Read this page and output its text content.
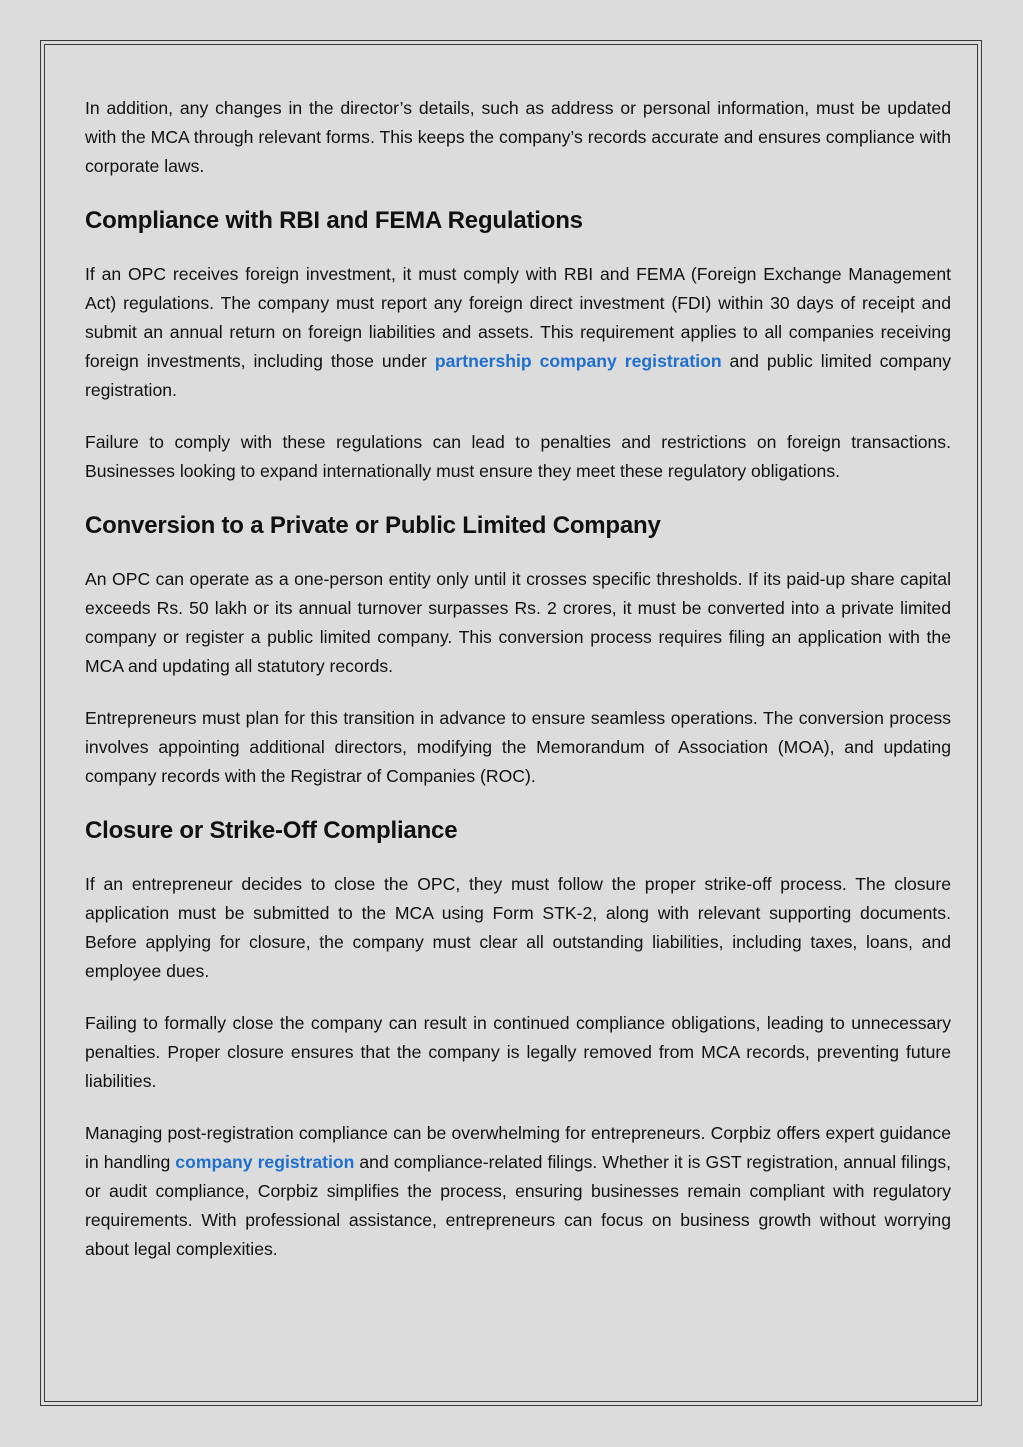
In addition, any changes in the director’s details, such as address or personal information, must be updated with the MCA through relevant forms. This keeps the company’s records accurate and ensures compliance with corporate laws.

Compliance with RBI and FEMA Regulations

If an OPC receives foreign investment, it must comply with RBI and FEMA (Foreign Exchange Management Act) regulations. The company must report any foreign direct investment (FDI) within 30 days of receipt and submit an annual return on foreign liabilities and assets. This requirement applies to all companies receiving foreign investments, including those under partnership company registration and public limited company registration.

Failure to comply with these regulations can lead to penalties and restrictions on foreign transactions. Businesses looking to expand internationally must ensure they meet these regulatory obligations.

Conversion to a Private or Public Limited Company

An OPC can operate as a one-person entity only until it crosses specific thresholds. If its paid-up share capital exceeds Rs. 50 lakh or its annual turnover surpasses Rs. 2 crores, it must be converted into a private limited company or register a public limited company. This conversion process requires filing an application with the MCA and updating all statutory records.

Entrepreneurs must plan for this transition in advance to ensure seamless operations. The conversion process involves appointing additional directors, modifying the Memorandum of Association (MOA), and updating company records with the Registrar of Companies (ROC).

Closure or Strike-Off Compliance

If an entrepreneur decides to close the OPC, they must follow the proper strike-off process. The closure application must be submitted to the MCA using Form STK-2, along with relevant supporting documents. Before applying for closure, the company must clear all outstanding liabilities, including taxes, loans, and employee dues.

Failing to formally close the company can result in continued compliance obligations, leading to unnecessary penalties. Proper closure ensures that the company is legally removed from MCA records, preventing future liabilities.

Managing post-registration compliance can be overwhelming for entrepreneurs. Corpbiz offers expert guidance in handling company registration and compliance-related filings. Whether it is GST registration, annual filings, or audit compliance, Corpbiz simplifies the process, ensuring businesses remain compliant with regulatory requirements. With professional assistance, entrepreneurs can focus on business growth without worrying about legal complexities.
